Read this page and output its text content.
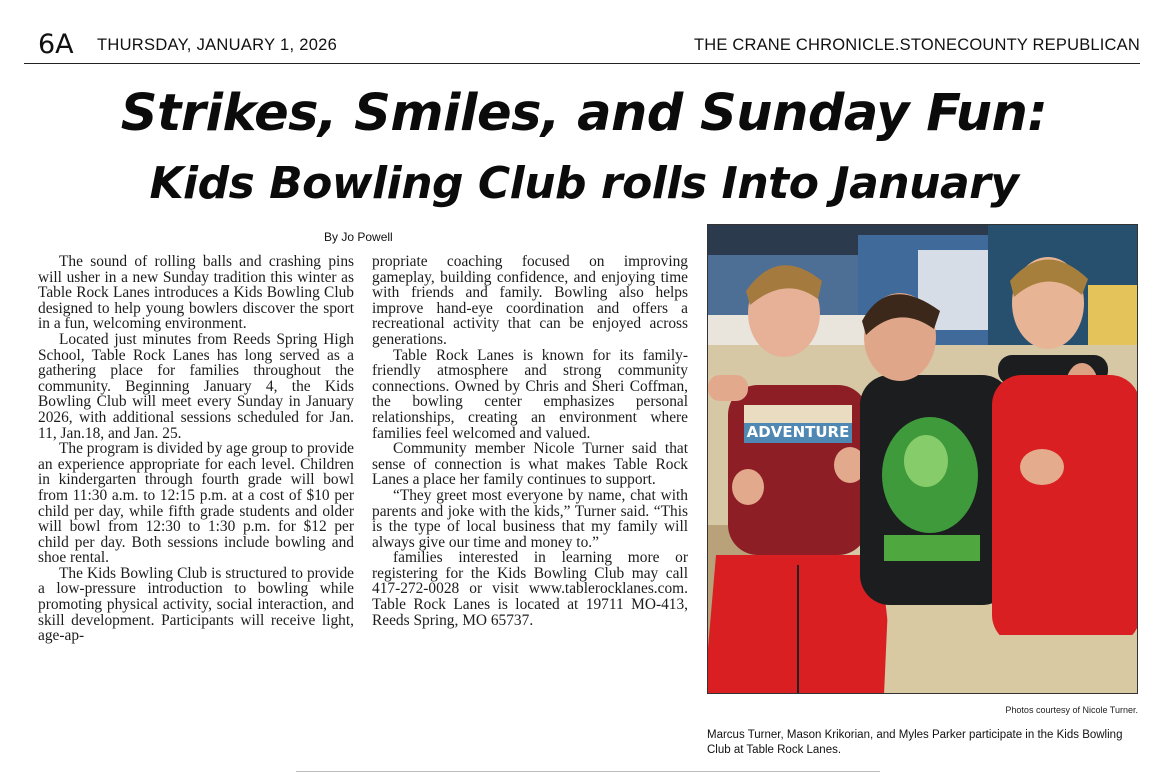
6A THURSDAY, JANUARY 1, 2026	THE CRANE CHRONICLE.STONECOUNTY REPUBLICAN
Strikes, Smiles, and Sunday Fun:
Kids Bowling Club rolls Into January
By Jo Powell

The sound of rolling balls and crashing pins will usher in a new Sunday tradition this winter as Table Rock Lanes introduces a Kids Bowling Club designed to help young bowlers discover the sport in a fun, welcoming environment.

Located just minutes from Reeds Spring High School, Table Rock Lanes has long served as a gathering place for families throughout the community. Beginning January 4, the Kids Bowling Club will meet every Sunday in January 2026, with additional sessions scheduled for Jan. 11, Jan.18, and Jan. 25.

The program is divided by age group to provide an experience appropriate for each level. Children in kindergarten through fourth grade will bowl from 11:30 a.m. to 12:15 p.m. at a cost of $10 per child per day, while fifth grade students and older will bowl from 12:30 to 1:30 p.m. for $12 per child per day. Both sessions include bowling and shoe rental.

The Kids Bowling Club is structured to provide a low-pressure introduction to bowling while promoting physical activity, social interaction, and skill development. Participants will receive light, age-ap-

propriate coaching focused on improving gameplay, building confidence, and enjoying time with friends and family. Bowling also helps improve hand-eye coordination and offers a recreational activity that can be enjoyed across generations.

Table Rock Lanes is known for its family-friendly atmosphere and strong community connections. Owned by Chris and Sheri Coffman, the bowling center emphasizes personal relationships, creating an environment where families feel welcomed and valued.

Community member Nicole Turner said that sense of connection is what makes Table Rock Lanes a place her family continues to support.

“They greet most everyone by name, chat with parents and joke with the kids,” Turner said. “This is the type of local business that my family will always give our time and money to.”

families interested in learning more or registering for the Kids Bowling Club may call 417-272-0028 or visit www.tablerocklanes.com. Table Rock Lanes is located at 19711 MO-413, Reeds Spring, MO 65737.

ADVENTURE
Photos courtesy of Nicole Turner.
Marcus Turner, Mason Krikorian, and Myles Parker participate in the Kids Bowling Club at Table Rock Lanes.
